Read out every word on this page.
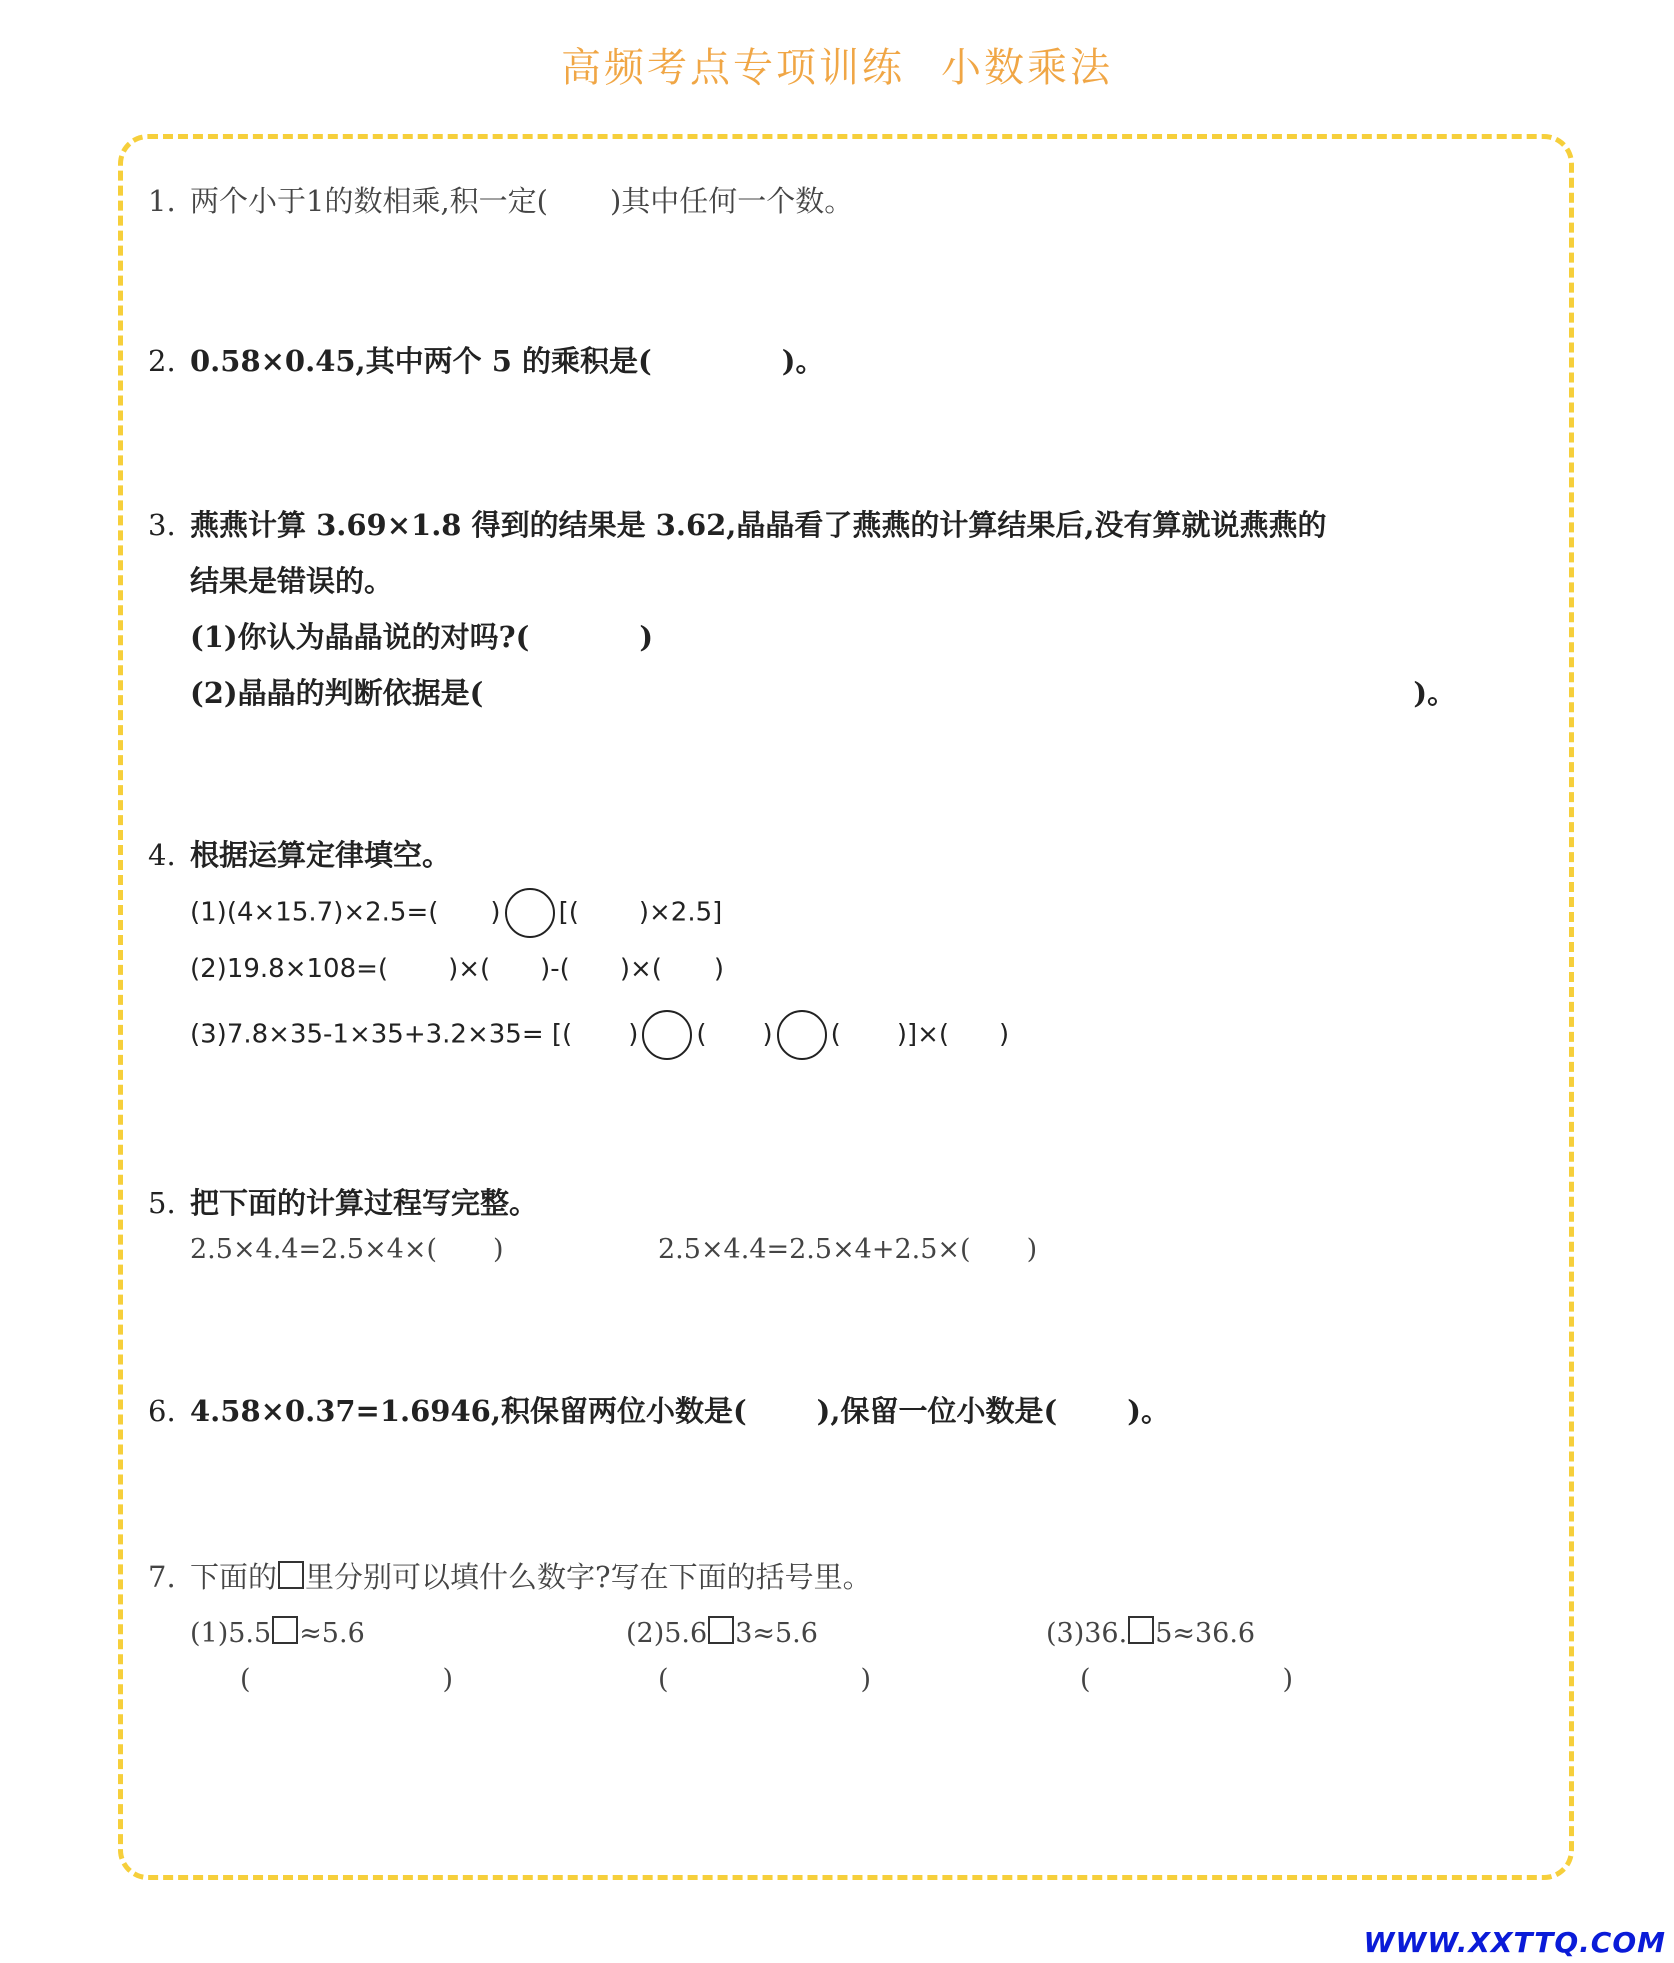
高频考点专项训练 小数乘法
1. 两个小于1的数相乘,积一定( )其中任何一个数。
2. 0.58×0.45,其中两个 5 的乘积是(	)。
3. 燕燕计算 3.69×1.8 得到的结果是 3.62,晶晶看了燕燕的计算结果后,没有算就说燕燕的
结果是错误的。
(1)你认为晶晶说的对吗?(	)
(2)晶晶的判断依据是(	)。
4. 根据运算定律填空。
(1)(4×15.7)×2.5=( ) [( )×2.5]
(2)19.8×108=( )×( )-( )×( )
(3)7.8×35-1×35+3.2×35= [( ) ( ) ( )]×( )
5. 把下面的计算过程写完整。
2.5×4.4=2.5×4×( )	2.5×4.4=2.5×4+2.5×( )
6. 4.58×0.37=1.6946,积保留两位小数是( ),保留一位小数是( )。
7. 下面的 里分别可以填什么数字?写在下面的括号里。
(1)5.5 ≈5.6	(2)5.6 3≈5.6	(3)36. 5≈36.6
(	)	(	)	(	)
WWW.XXTTQ.COM
